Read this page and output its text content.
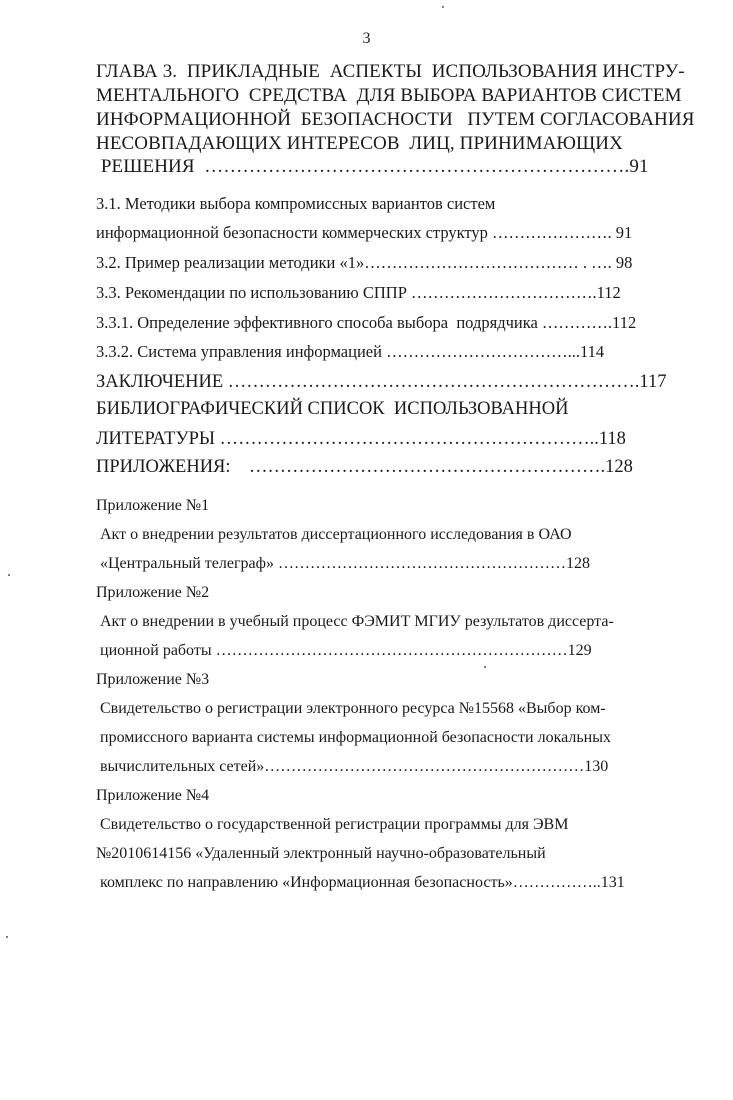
3
ГЛАВА 3.  ПРИКЛАДНЫЕ  АСПЕКТЫ  ИСПОЛЬЗОВАНИЯ ИНСТРУ-
МЕНТАЛЬНОГО  СРЕДСТВА  ДЛЯ ВЫБОРА ВАРИАНТОВ СИСТЕМ
ИНФОРМАЦИОННОЙ  БЕЗОПАСНОСТИ   ПУТЕМ СОГЛАСОВАНИЯ
НЕСОВПАДАЮЩИХ ИНТЕРЕСОВ  ЛИЦ, ПРИНИМАЮЩИХ
РЕШЕНИЯ  ………………………………………………………….91
3.1. Методики выбора компромиссных вариантов систем
информационной безопасности коммерческих структур …………………. 91
3.2. Пример реализации методики «1»………………………………… . …. 98
3.3. Рекомендации по использованию СППР …………………………….112
3.3.1. Определение эффективного способа выбора  подрядчика ………….112
3.3.2. Система управления информацией ……………………………...114
ЗАКЛЮЧЕНИЕ ………………………………………………………….117
БИБЛИОГРАФИЧЕСКИЙ СПИСОК  ИСПОЛЬЗОВАННОЙ
ЛИТЕРАТУРЫ ……………………………………………………..118
ПРИЛОЖЕНИЯ:    ………………………………………………….128
Приложение №1
Акт о внедрении результатов диссертационного исследования в ОАО
«Центральный телеграф» ………………………………………………128
Приложение №2
Акт о внедрении в учебный процесс ФЭМИТ МГИУ результатов диссерта-
ционной работы …………………………………………………………129
Приложение №3
Свидетельство о регистрации электронного ресурса №15568 «Выбор ком-
промиссного варианта системы информационной безопасности локальных
вычислительных сетей»……………………………………………………130
Приложение №4
Свидетельство о государственной регистрации программы для ЭВМ
№2010614156 «Удаленный электронный научно-образовательный
комплекс по направлению «Информационная безопасность»……………..131
